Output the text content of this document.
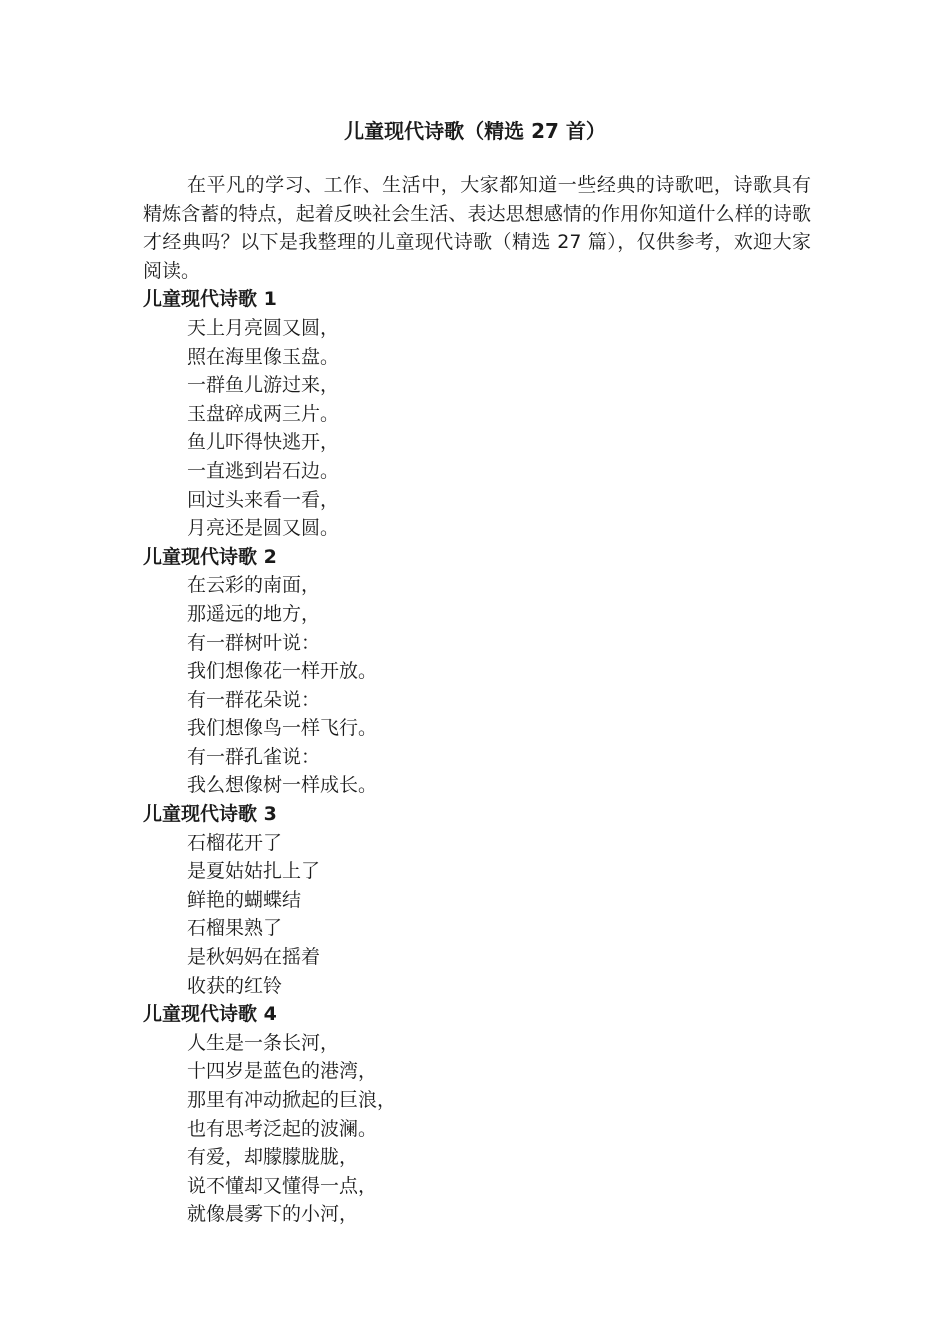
儿童现代诗歌（精选 27 首）

在平凡的学习、工作、生活中，大家都知道一些经典的诗歌吧，诗歌具有精炼含蓄的特点，起着反映社会生活、表达思想感情的作用你知道什么样的诗歌才经典吗？以下是我整理的儿童现代诗歌（精选 27 篇），仅供参考，欢迎大家阅读。

儿童现代诗歌 1

天上月亮圆又圆，

照在海里像玉盘。

一群鱼儿游过来，

玉盘碎成两三片。

鱼儿吓得快逃开，

一直逃到岩石边。

回过头来看一看，

月亮还是圆又圆。

儿童现代诗歌 2

在云彩的南面，

那遥远的地方，

有一群树叶说：

我们想像花一样开放。

有一群花朵说：

我们想像鸟一样飞行。

有一群孔雀说：

我么想像树一样成长。

儿童现代诗歌 3

石榴花开了

是夏姑姑扎上了

鲜艳的蝴蝶结

石榴果熟了

是秋妈妈在摇着

收获的红铃

儿童现代诗歌 4

人生是一条长河，

十四岁是蓝色的港湾，

那里有冲动掀起的巨浪，

也有思考泛起的波澜。

有爱，却朦朦胧胧，

说不懂却又懂得一点，

就像晨雾下的小河，
